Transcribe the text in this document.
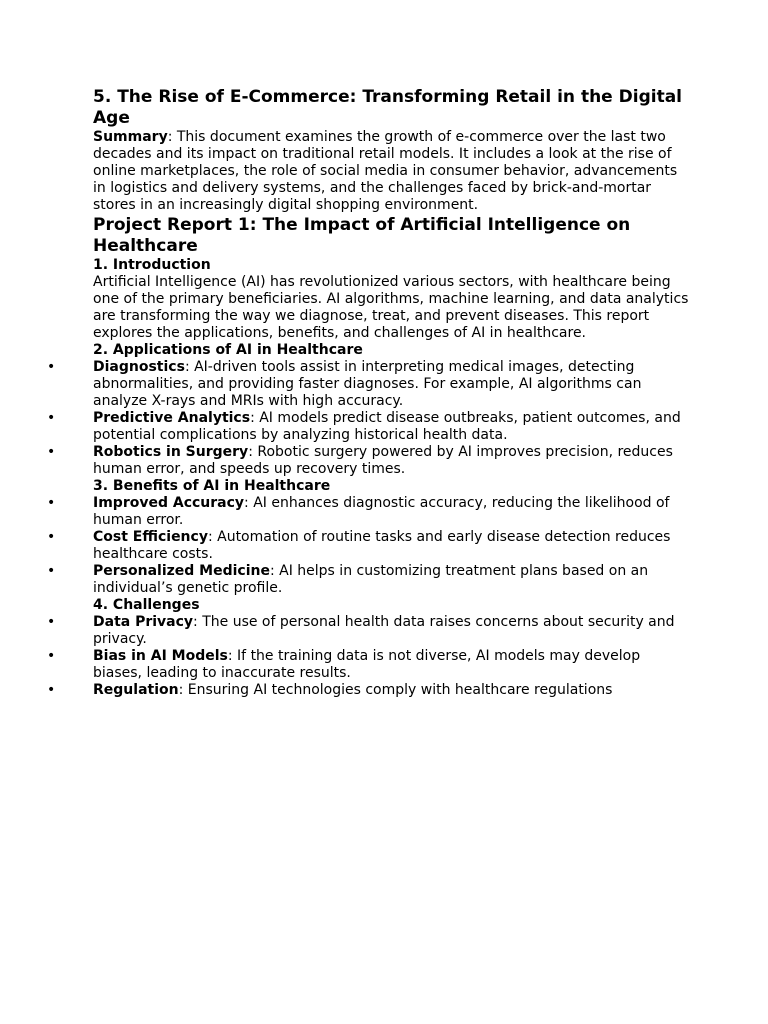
5. The Rise of E-Commerce: Transforming Retail in the Digital Age

Summary: This document examines the growth of e-commerce over the last two decades and its impact on traditional retail models. It includes a look at the rise of online marketplaces, the role of social media in consumer behavior, advancements in logistics and delivery systems, and the challenges faced by brick-and-mortar stores in an increasingly digital shopping environment.

Project Report 1: The Impact of Artificial Intelligence on Healthcare
1. Introduction

Artificial Intelligence (AI) has revolutionized various sectors, with healthcare being one of the primary beneficiaries. AI algorithms, machine learning, and data analytics are transforming the way we diagnose, treat, and prevent diseases. This report explores the applications, benefits, and challenges of AI in healthcare.

2. Applications of AI in Healthcare
•	Diagnostics: AI-driven tools assist in interpreting medical images, detecting abnormalities, and providing faster diagnoses. For example, AI algorithms can analyze X-rays and MRIs with high accuracy.
•	Predictive Analytics: AI models predict disease outbreaks, patient outcomes, and potential complications by analyzing historical health data.
•	Robotics in Surgery: Robotic surgery powered by AI improves precision, reduces human error, and speeds up recovery times.
3. Benefits of AI in Healthcare
•	Improved Accuracy: AI enhances diagnostic accuracy, reducing the likelihood of human error.
•	Cost Efficiency: Automation of routine tasks and early disease detection reduces healthcare costs.
•	Personalized Medicine: AI helps in customizing treatment plans based on an individual’s genetic profile.
4. Challenges
•	Data Privacy: The use of personal health data raises concerns about security and privacy.
•	Bias in AI Models: If the training data is not diverse, AI models may develop biases, leading to inaccurate results.
•	Regulation: Ensuring AI technologies comply with healthcare regulations
